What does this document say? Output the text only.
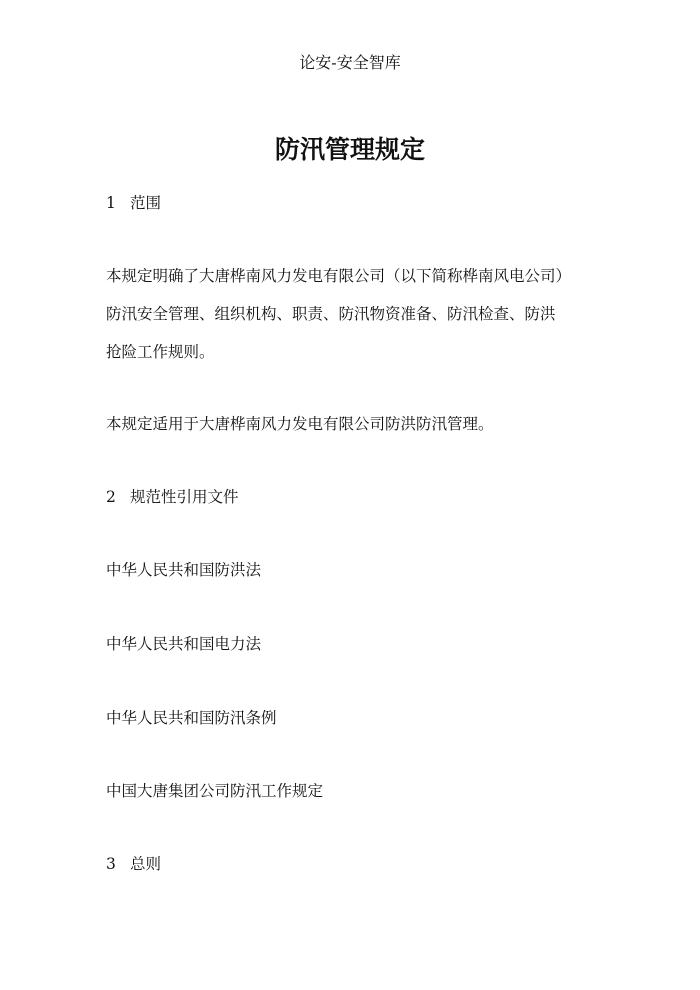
论安-安全智库
防汛管理规定
1 范围
本规定明确了大唐桦南风力发电有限公司（以下简称桦南风电公司）
防汛安全管理、组织机构、职责、防汛物资准备、防汛检查、防洪
抢险工作规则。
本规定适用于大唐桦南风力发电有限公司防洪防汛管理。
2 规范性引用文件
中华人民共和国防洪法
中华人民共和国电力法
中华人民共和国防汛条例
中国大唐集团公司防汛工作规定
3 总则
